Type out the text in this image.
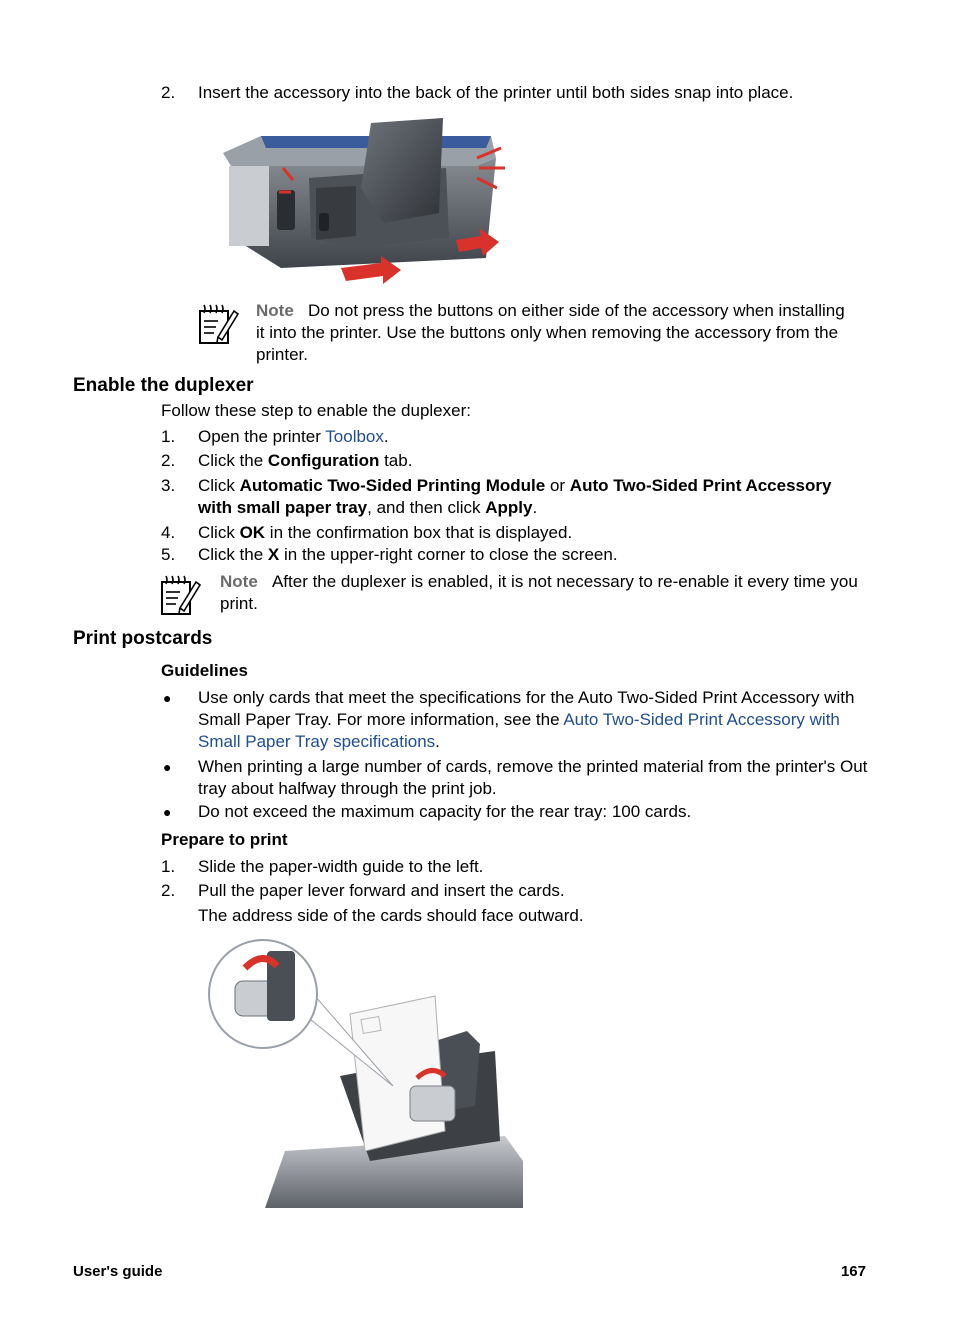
2.	Insert the accessory into the back of the printer until both sides snap into place.
Note Do not press the buttons on either side of the accessory when installing it into the printer. Use the buttons only when removing the accessory from the printer.
Enable the duplexer
Follow these step to enable the duplexer:
1.	Open the printer Toolbox.
2.	Click the Configuration tab.
3.	Click Automatic Two-Sided Printing Module or Auto Two-Sided Print Accessory with small paper tray, and then click Apply.
4.	Click OK in the confirmation box that is displayed.
5.	Click the X in the upper-right corner to close the screen.
Note After the duplexer is enabled, it is not necessary to re-enable it every time you print.
Print postcards
Guidelines
●	Use only cards that meet the specifications for the Auto Two-Sided Print Accessory with Small Paper Tray. For more information, see the Auto Two-Sided Print Accessory with Small Paper Tray specifications.
●	When printing a large number of cards, remove the printed material from the printer's Out tray about halfway through the print job.
●	Do not exceed the maximum capacity for the rear tray: 100 cards.
Prepare to print
1.	Slide the paper-width guide to the left.
2.	Pull the paper lever forward and insert the cards.
The address side of the cards should face outward.
User's guide	167
